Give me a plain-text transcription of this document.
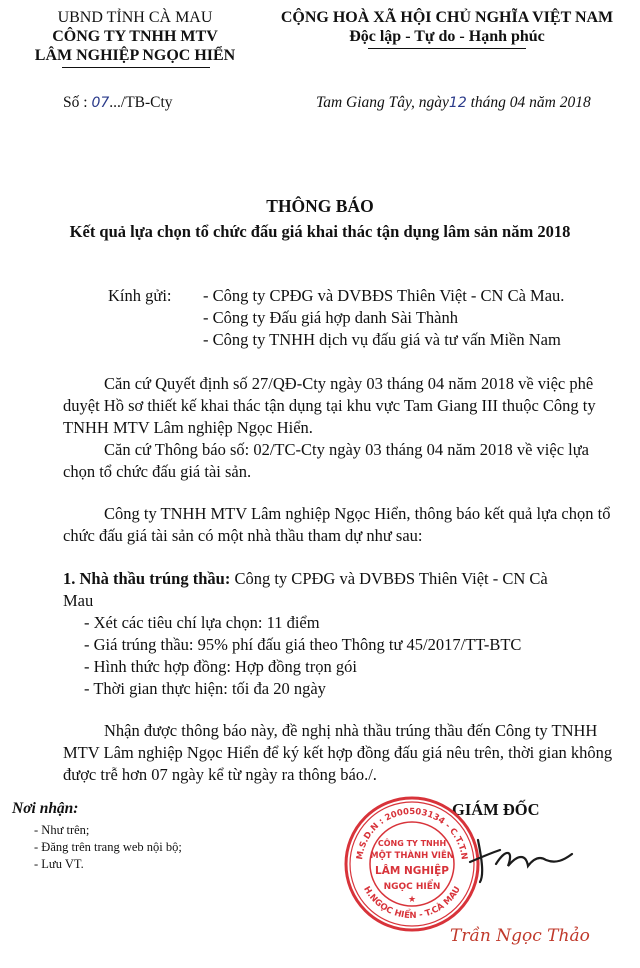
UBND TỈNH CÀ MAU
CÔNG TY TNHH MTV
LÂM NGHIỆP NGỌC HIỂN
CỘNG HOÀ XÃ HỘI CHỦ NGHĨA VIỆT NAM
Độc lập - Tự do - Hạnh phúc
Số : 07.../TB-Cty	Tam Giang Tây, ngày12 tháng 04 năm 2018
THÔNG BÁO
Kết quả lựa chọn tổ chức đấu giá khai thác tận dụng lâm sản năm 2018
Kính gửi: - Công ty CPĐG và DVBĐS Thiên Việt - CN Cà Mau.
- Công ty Đấu giá hợp danh Sài Thành
- Công ty TNHH dịch vụ đấu giá và tư vấn Miền Nam
Căn cứ Quyết định số 27/QĐ-Cty ngày 03 tháng 04 năm 2018 về việc phê
duyệt Hồ sơ thiết kế khai thác tận dụng tại khu vực Tam Giang III thuộc Công ty
TNHH MTV Lâm nghiệp Ngọc Hiển.
Căn cứ Thông báo số: 02/TC-Cty ngày 03 tháng 04 năm 2018 về việc lựa
chọn tổ chức đấu giá tài sản.
Công ty TNHH MTV Lâm nghiệp Ngọc Hiển, thông báo kết quả lựa chọn tổ
chức đấu giá tài sản có một nhà thầu tham dự như sau:
1. Nhà thầu trúng thầu: Công ty CPĐG và DVBĐS Thiên Việt - CN Cà
Mau
- Xét các tiêu chí lựa chọn: 11 điểm
- Giá trúng thầu: 95% phí đấu giá theo Thông tư 45/2017/TT-BTC
- Hình thức hợp đồng: Hợp đồng trọn gói
- Thời gian thực hiện: tối đa 20 ngày
Nhận được thông báo này, đề nghị nhà thầu trúng thầu đến Công ty TNHH
MTV Lâm nghiệp Ngọc Hiển để ký kết hợp đồng đấu giá nêu trên, thời gian không
được trễ hơn 07 ngày kể từ ngày ra thông báo./.
Nơi nhận:
- Như trên;
- Đăng trên trang web nội bộ;
- Lưu VT.
GIÁM ĐỐC
M.S.D.N : 2000503134 - C.T.T.N
H.NGỌC HIỂN - T.CÀ MAU
CÔNG TY TNHH
MỘT THÀNH VIÊN
LÂM NGHIỆP
NGỌC HIỂN
★
Trần Ngọc Thảo
